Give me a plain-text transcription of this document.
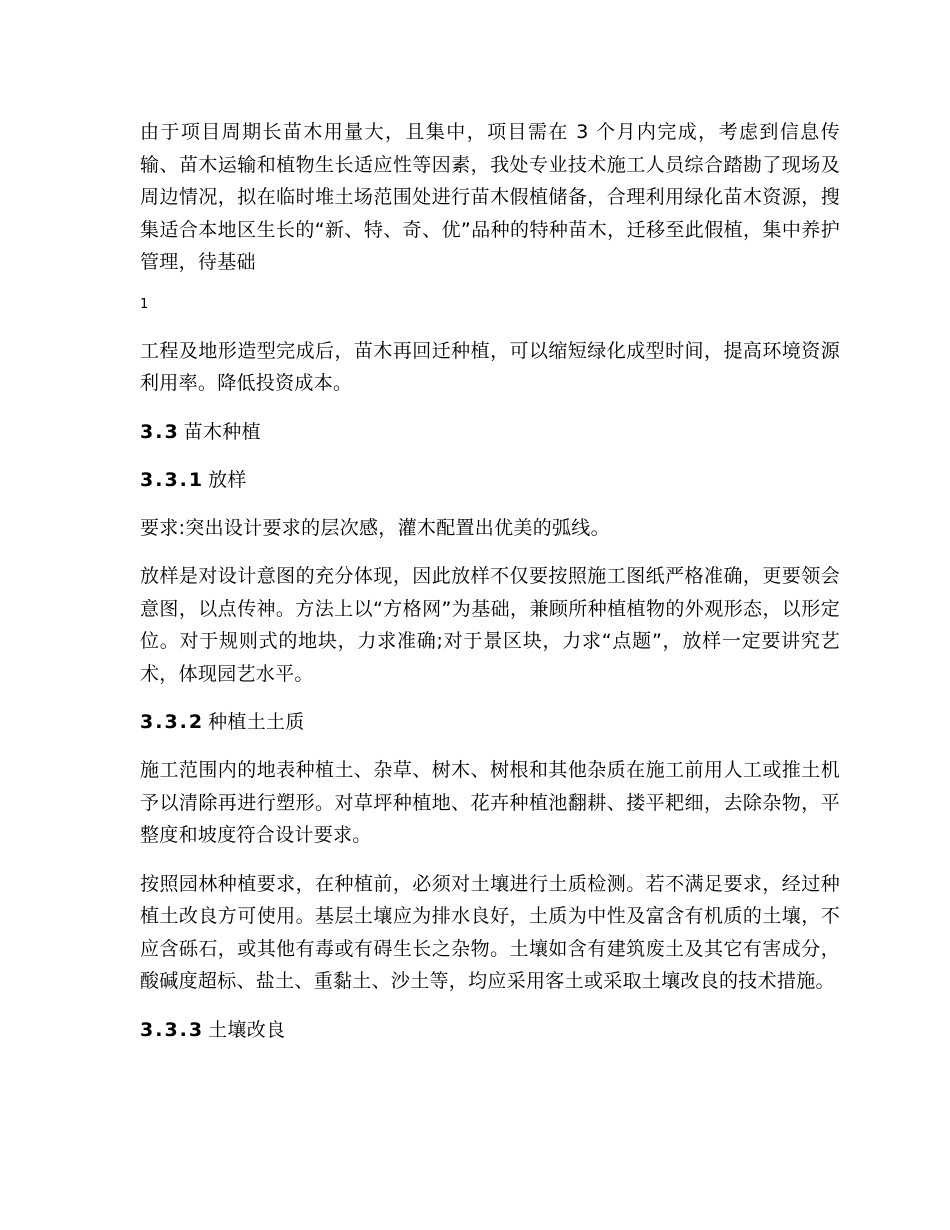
由于项目周期长苗木用量大，且集中，项目需在 3 个月内完成，考虑到信息传输、苗木运输和植物生长适应性等因素，我处专业技术施工人员综合踏勘了现场及周边情况，拟在临时堆土场范围处进行苗木假植储备，合理利用绿化苗木资源，搜集适合本地区生长的“新、特、奇、优”品种的特种苗木，迁移至此假植，集中养护管理，待基础

1

工程及地形造型完成后，苗木再回迁种植，可以缩短绿化成型时间，提高环境资源利用率。降低投资成本。

3.3 苗木种植
3.3.1 放样

要求:突出设计要求的层次感，灌木配置出优美的弧线。

放样是对设计意图的充分体现，因此放样不仅要按照施工图纸严格准确，更要领会意图，以点传神。方法上以“方格网”为基础，兼顾所种植植物的外观形态，以形定位。对于规则式的地块，力求准确;对于景区块，力求“点题”，放样一定要讲究艺术，体现园艺水平。

3.3.2 种植土土质

施工范围内的地表种植土、杂草、树木、树根和其他杂质在施工前用人工或推土机予以清除再进行塑形。对草坪种植地、花卉种植池翻耕、搂平耙细，去除杂物，平整度和坡度符合设计要求。

按照园林种植要求，在种植前，必须对土壤进行土质检测。若不满足要求，经过种植土改良方可使用。基层土壤应为排水良好，土质为中性及富含有机质的土壤，不应含砾石，或其他有毒或有碍生长之杂物。土壤如含有建筑废土及其它有害成分，酸碱度超标、盐土、重黏土、沙土等，均应采用客土或采取土壤改良的技术措施。

3.3.3 土壤改良
